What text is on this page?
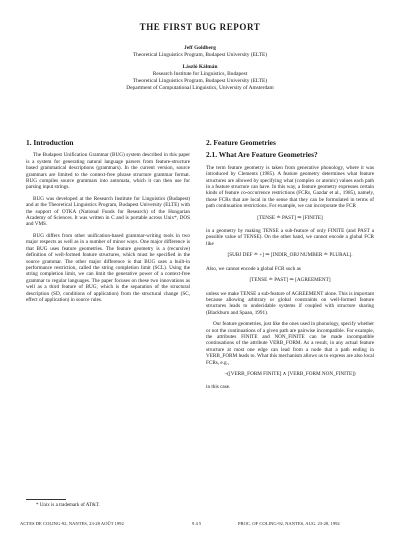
THE FIRST BUG REPORT
Jeff Goldberg
Theoretical Linguistics Program, Budapest University (ELTE)
László Kálmán
Research Institute for Linguistics, Budapest
Theoretical Linguistics Program, Budapest University (ELTE)
Department of Computational Linguistics, University of Amsterdam
1. Introduction

The Budapest Unification Grammar (BUG) system described in this paper is a system for generating natural language parsers from feature-structure based grammatical descriptions (grammars). In the current version, source grammars are limited to the context-free phrase structure grammar format. BUG compiles source grammars into automata, which it can then use for parsing input strings.

BUG was developed at the Research Institute for Linguistics (Budapest) and at the Theoretical Linguistics Program, Budapest University (ELTE) with the support of OTKA (National Funds for Research) of the Hungarian Academy of Sciences. It was written in C and is portable across Unix*, DOS and VMS.

BUG differs from other unification-based grammar-writing tools in two major respects as well as in a number of minor ways. One major difference is that BUG uses feature geometries. The feature geometry is a (recursive) definition of well-formed feature structures, which must be specified in the source grammar. The other major difference is that BUG uses a built-in performance restriction, called the string completion limit (SCL). Using the string completion limit, we can limit the generative power of a context-free grammar to regular languages. The paper focuses on these two innovations as well as a third feature of BUG, which is the separation of the structural description (SD, conditions of application) from the structural change (SC, effect of application) in source rules.

2. Feature Geometries
2.1. What Are Feature Geometries?

The term feature geometry is taken from generative phonology, where it was introduced by Clements (1985). A feature geometry determines what feature structures are allowed by specifying what (complex or atomic) values each path in a feature structure can have. In this way, a feature geometry expresses certain kinds of feature co-occurrence restrictions (FCRs, Gazdar et al., 1985), namely, those FCRs that are local in the sense that they can be formulated in terms of path continuation restrictions. For example, we can incorporate the FCR

[TENSE ≐ PAST] ⇒ [FINITE]

in a geometry by making TENSE a sub-feature of only FINITE (and PAST a possible value of TENSE). On the other hand, we cannot encode a global FCR like

[SUBJ DEF ≐ +] ⇒ [INDIR_OBJ NUMBER ≐ PLURAL].

Also, we cannot encode a global FCR such as

[TENSE ≐ PAST] ⇒ [AGREEMENT]

unless we make TENSE a sub-feature of AGREEMENT alone. This is important because allowing arbitrary or global constraints on well-formed feature structures leads to undecidable systems if coupled with structure sharing (Blackburn and Spaan, 1991).

Our feature geometries, just like the ones used in phonology, specify whether or not the continuations of a given path are pairwise incompatible. For example, the attributes FINITE and NON_FINITE can be made incompatible continuations of the attribute VERB_FORM. As a result, in any actual feature structure at most one edge can lead from a node that a path ending in VERB_FORM leads to. What this mechanism allows us to express are also local FCRs, e.g.,

¬([VERB_FORM FINITE] ∧ [VERB_FORM NON_FINITE])

in this case.

* Unix is a trademark of AT&T.
ACTES DE COLING-92, NANTES, 23-28 AOÛT 1992	9 4 5	PROC. OF COLING-92, NANTES, AUG. 23-28, 1992
